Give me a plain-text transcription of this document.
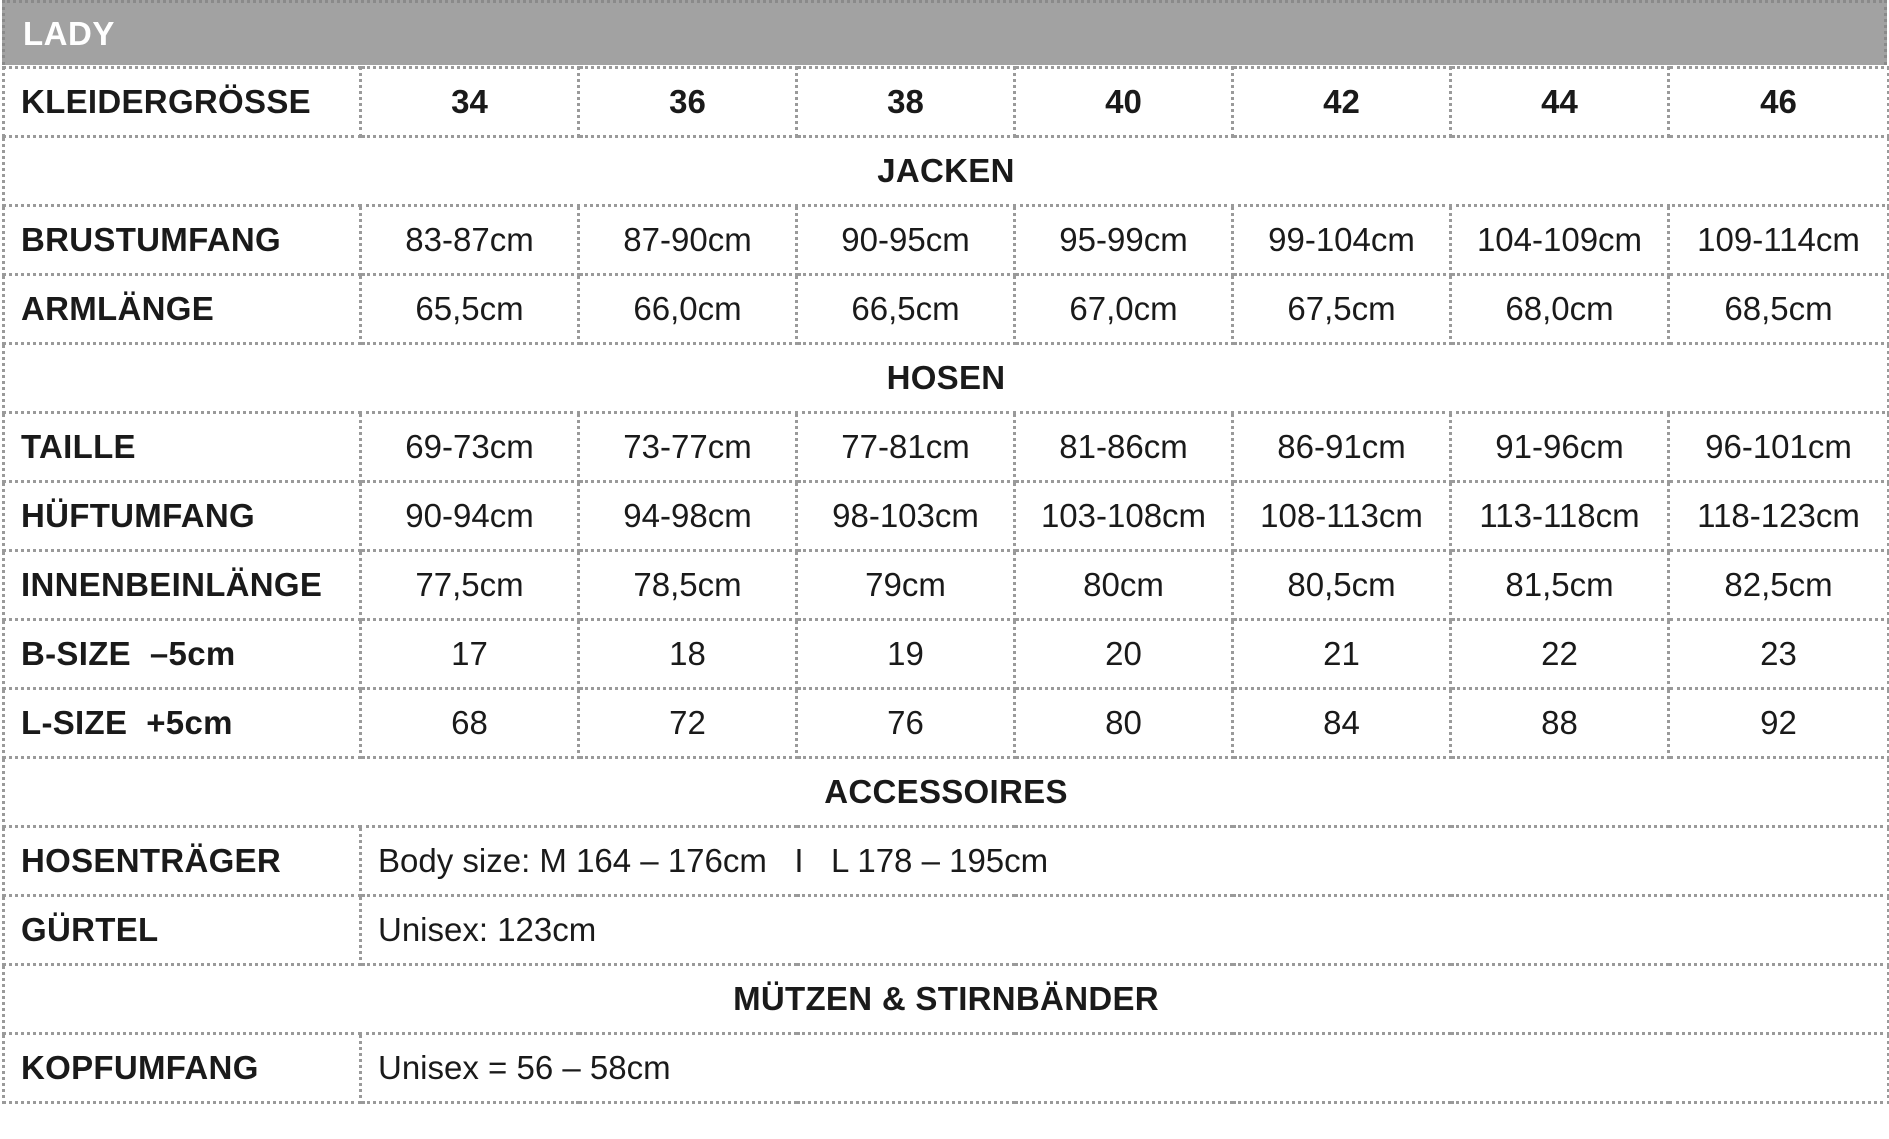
LADY
KLEIDERGRÖSSE	34	36	38	40	42	44	46
JACKEN							
BRUSTUMFANG	83-87cm	87-90cm	90-95cm	95-99cm	99-104cm	104-109cm	109-114cm
ARMLÄNGE	65,5cm	66,0cm	66,5cm	67,0cm	67,5cm	68,0cm	68,5cm
HOSEN							
TAILLE	69-73cm	73-77cm	77-81cm	81-86cm	86-91cm	91-96cm	96-101cm
HÜFTUMFANG	90-94cm	94-98cm	98-103cm	103-108cm	108-113cm	113-118cm	118-123cm
INNENBEINLÄNGE	77,5cm	78,5cm	79cm	80cm	80,5cm	81,5cm	82,5cm
B-SIZE  –5cm	17	18	19	20	21	22	23
L-SIZE  +5cm	68	72	76	80	84	88	92
ACCESSOIRES							
HOSENTRÄGER	Body size: M 164 – 176cm   I   L 178 – 195cm						
GÜRTEL	Unisex: 123cm						
MÜTZEN & STIRNBÄNDER							
KOPFUMFANG	Unisex = 56 – 58cm						
